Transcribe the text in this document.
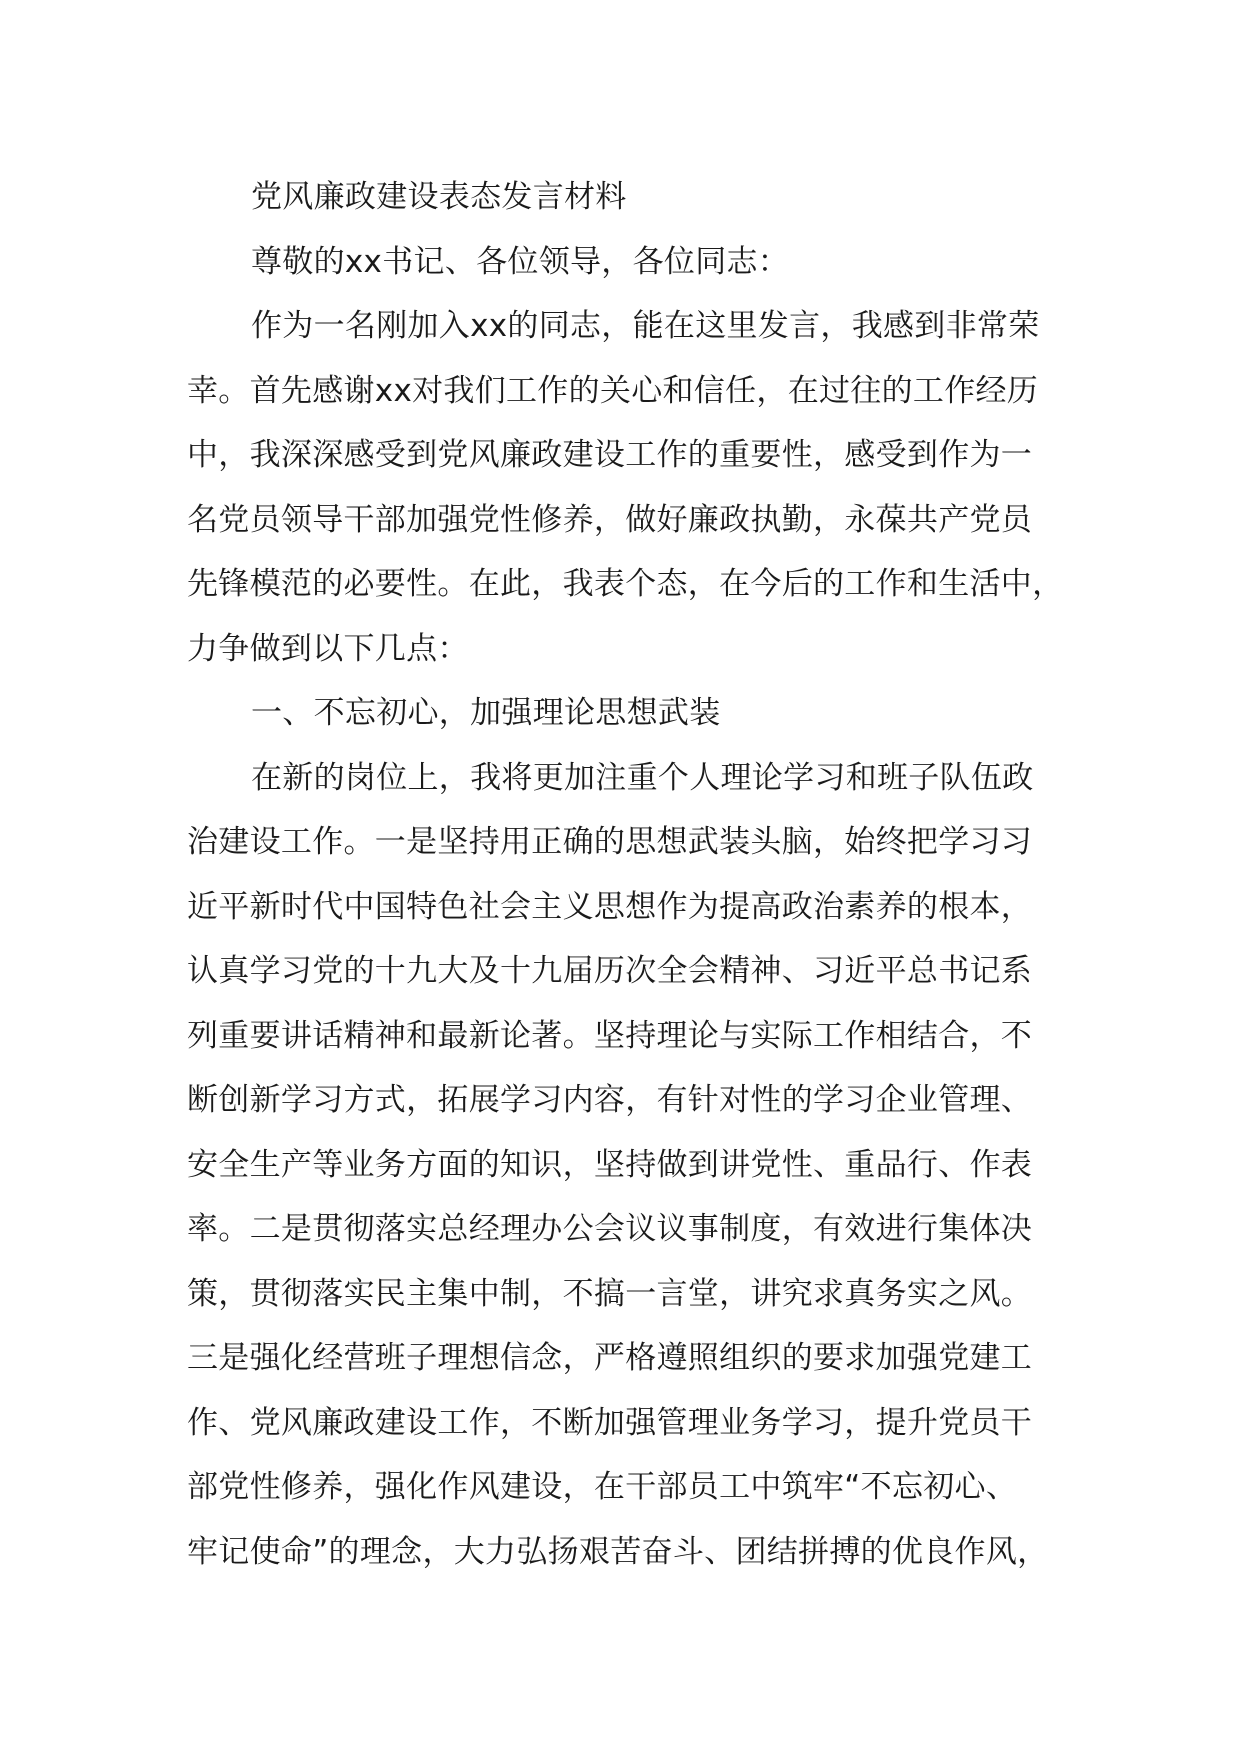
党风廉政建设表态发言材料
尊敬的xx书记、各位领导，各位同志：
作为一名刚加入xx的同志，能在这里发言，我感到非常荣
幸。首先感谢xx对我们工作的关心和信任，在过往的工作经历
中，我深深感受到党风廉政建设工作的重要性，感受到作为一
名党员领导干部加强党性修养，做好廉政执勤，永葆共产党员
先锋模范的必要性。在此，我表个态，在今后的工作和生活中，
力争做到以下几点：
一、不忘初心，加强理论思想武装
在新的岗位上，我将更加注重个人理论学习和班子队伍政
治建设工作。一是坚持用正确的思想武装头脑，始终把学习习
近平新时代中国特色社会主义思想作为提高政治素养的根本，
认真学习党的十九大及十九届历次全会精神、习近平总书记系
列重要讲话精神和最新论著。坚持理论与实际工作相结合，不
断创新学习方式，拓展学习内容，有针对性的学习企业管理、
安全生产等业务方面的知识，坚持做到讲党性、重品行、作表
率。二是贯彻落实总经理办公会议议事制度，有效进行集体决
策，贯彻落实民主集中制，不搞一言堂，讲究求真务实之风。
三是强化经营班子理想信念，严格遵照组织的要求加强党建工
作、党风廉政建设工作，不断加强管理业务学习，提升党员干
部党性修养，强化作风建设，在干部员工中筑牢“不忘初心、
牢记使命”的理念，大力弘扬艰苦奋斗、团结拼搏的优良作风，
